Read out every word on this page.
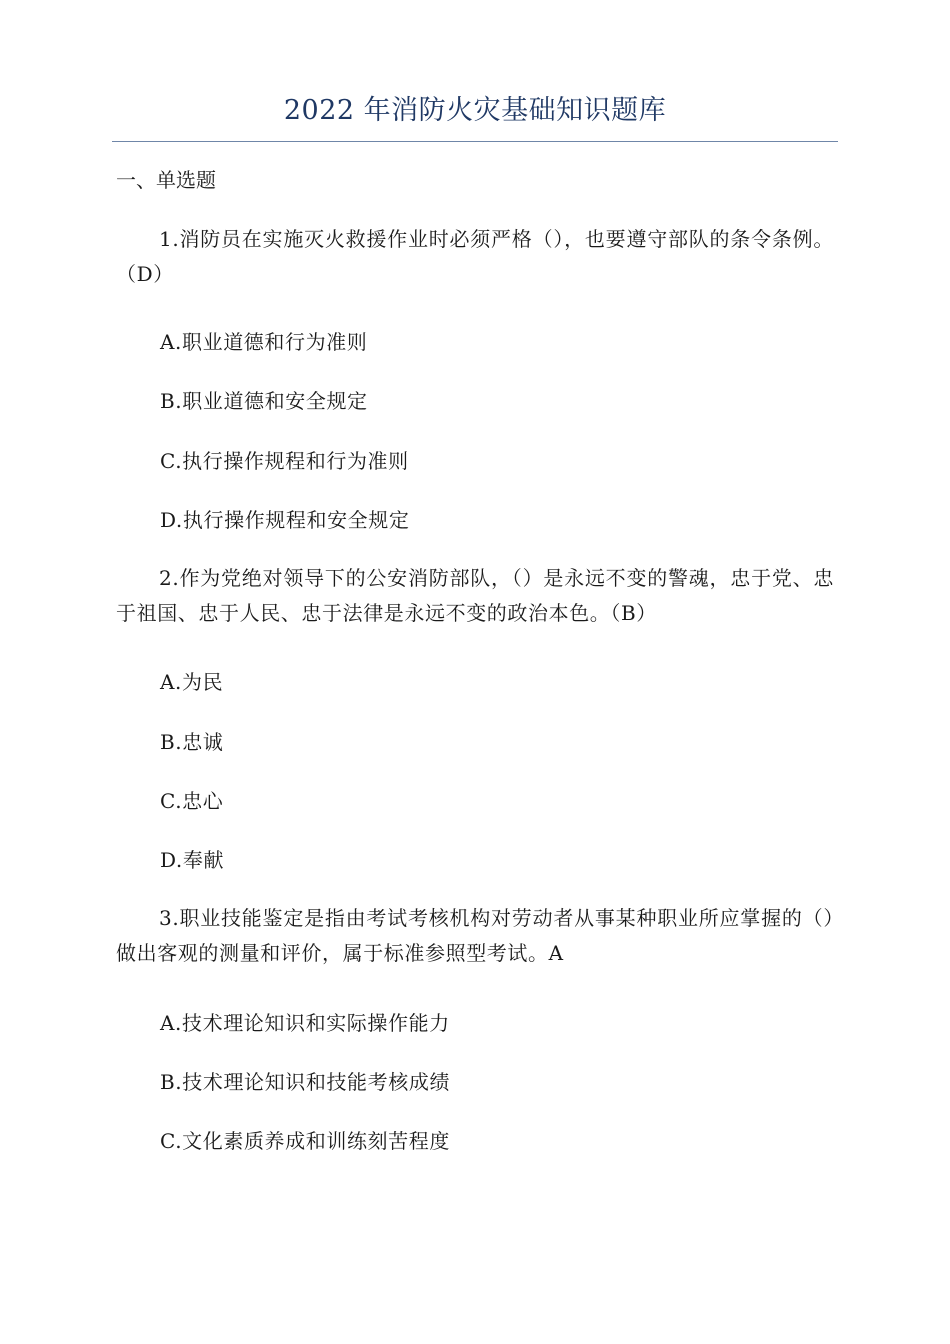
2022 年消防火灾基础知识题库
一、单选题
1.消防员在实施灭火救援作业时必须严格（），也要遵守部队的条令条例。（D）
A.职业道德和行为准则
B.职业道德和安全规定
C.执行操作规程和行为准则
D.执行操作规程和安全规定
2.作为党绝对领导下的公安消防部队，（）是永远不变的警魂，忠于党、忠于祖国、忠于人民、忠于法律是永远不变的政治本色。（B）
A.为民
B.忠诚
C.忠心
D.奉献
3.职业技能鉴定是指由考试考核机构对劳动者从事某种职业所应掌握的（）做出客观的测量和评价，属于标准参照型考试。A
A.技术理论知识和实际操作能力
B.技术理论知识和技能考核成绩
C.文化素质养成和训练刻苦程度
